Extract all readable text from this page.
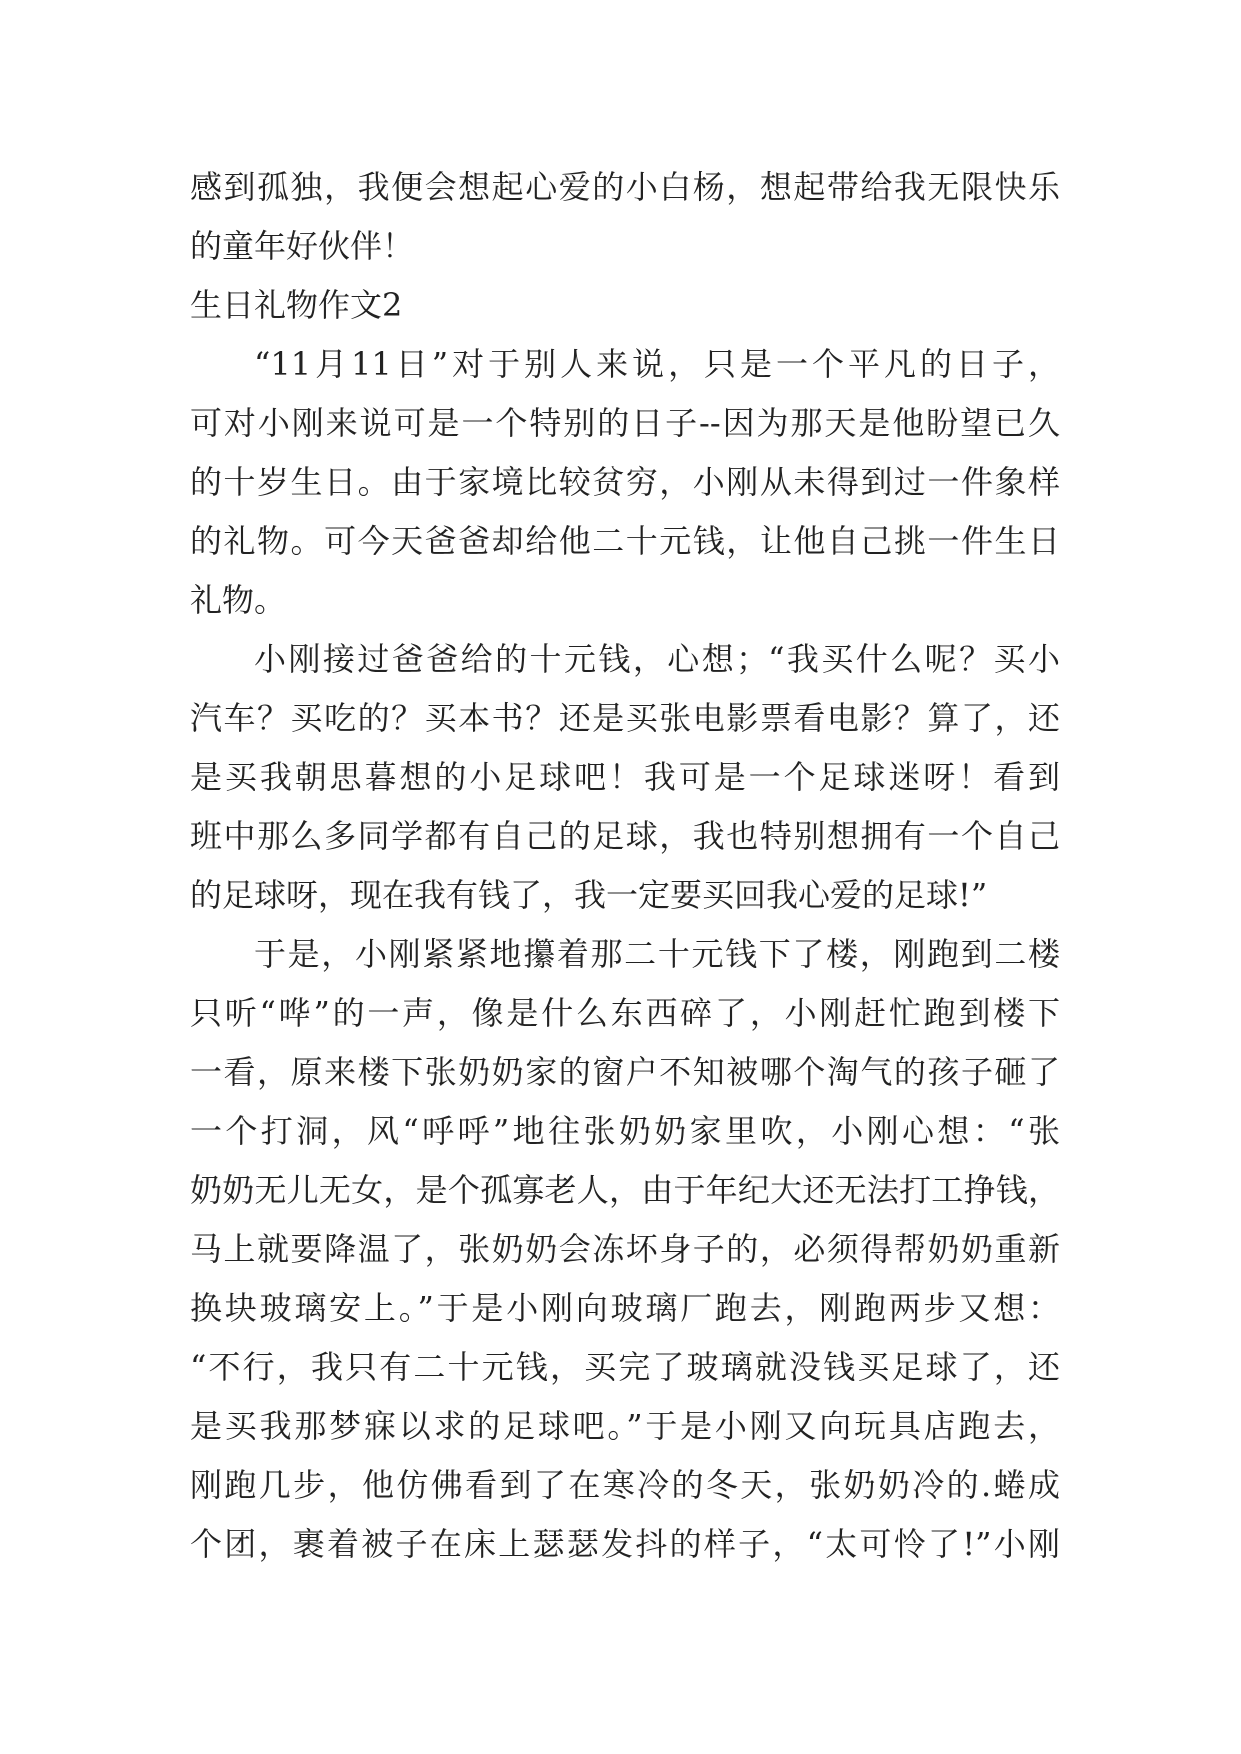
感到孤独，我便会想起心爱的小白杨，想起带给我无限快乐
的童年好伙伴！
生日礼物作文2
“11月11日”对于别人来说，只是一个平凡的日子，
可对小刚来说可是一个特别的日子--因为那天是他盼望已久
的十岁生日。由于家境比较贫穷，小刚从未得到过一件象样
的礼物。可今天爸爸却给他二十元钱，让他自己挑一件生日
礼物。
小刚接过爸爸给的十元钱，心想；“我买什么呢？买小
汽车？买吃的？买本书？还是买张电影票看电影？算了，还
是买我朝思暮想的小足球吧！我可是一个足球迷呀！看到
班中那么多同学都有自己的足球，我也特别想拥有一个自己
的足球呀，现在我有钱了，我一定要买回我心爱的足球!”
于是，小刚紧紧地攥着那二十元钱下了楼，刚跑到二楼
只听“哗”的一声，像是什么东西碎了，小刚赶忙跑到楼下
一看，原来楼下张奶奶家的窗户不知被哪个淘气的孩子砸了
一个打洞，风“呼呼”地往张奶奶家里吹，小刚心想：“张
奶奶无儿无女，是个孤寡老人，由于年纪大还无法打工挣钱，
马上就要降温了，张奶奶会冻坏身子的，必须得帮奶奶重新
换块玻璃安上。”于是小刚向玻璃厂跑去，刚跑两步又想：
“不行，我只有二十元钱，买完了玻璃就没钱买足球了，还
是买我那梦寐以求的足球吧。”于是小刚又向玩具店跑去，
刚跑几步，他仿佛看到了在寒冷的冬天，张奶奶冷的.蜷成
个团，裹着被子在床上瑟瑟发抖的样子，“太可怜了!”小刚
